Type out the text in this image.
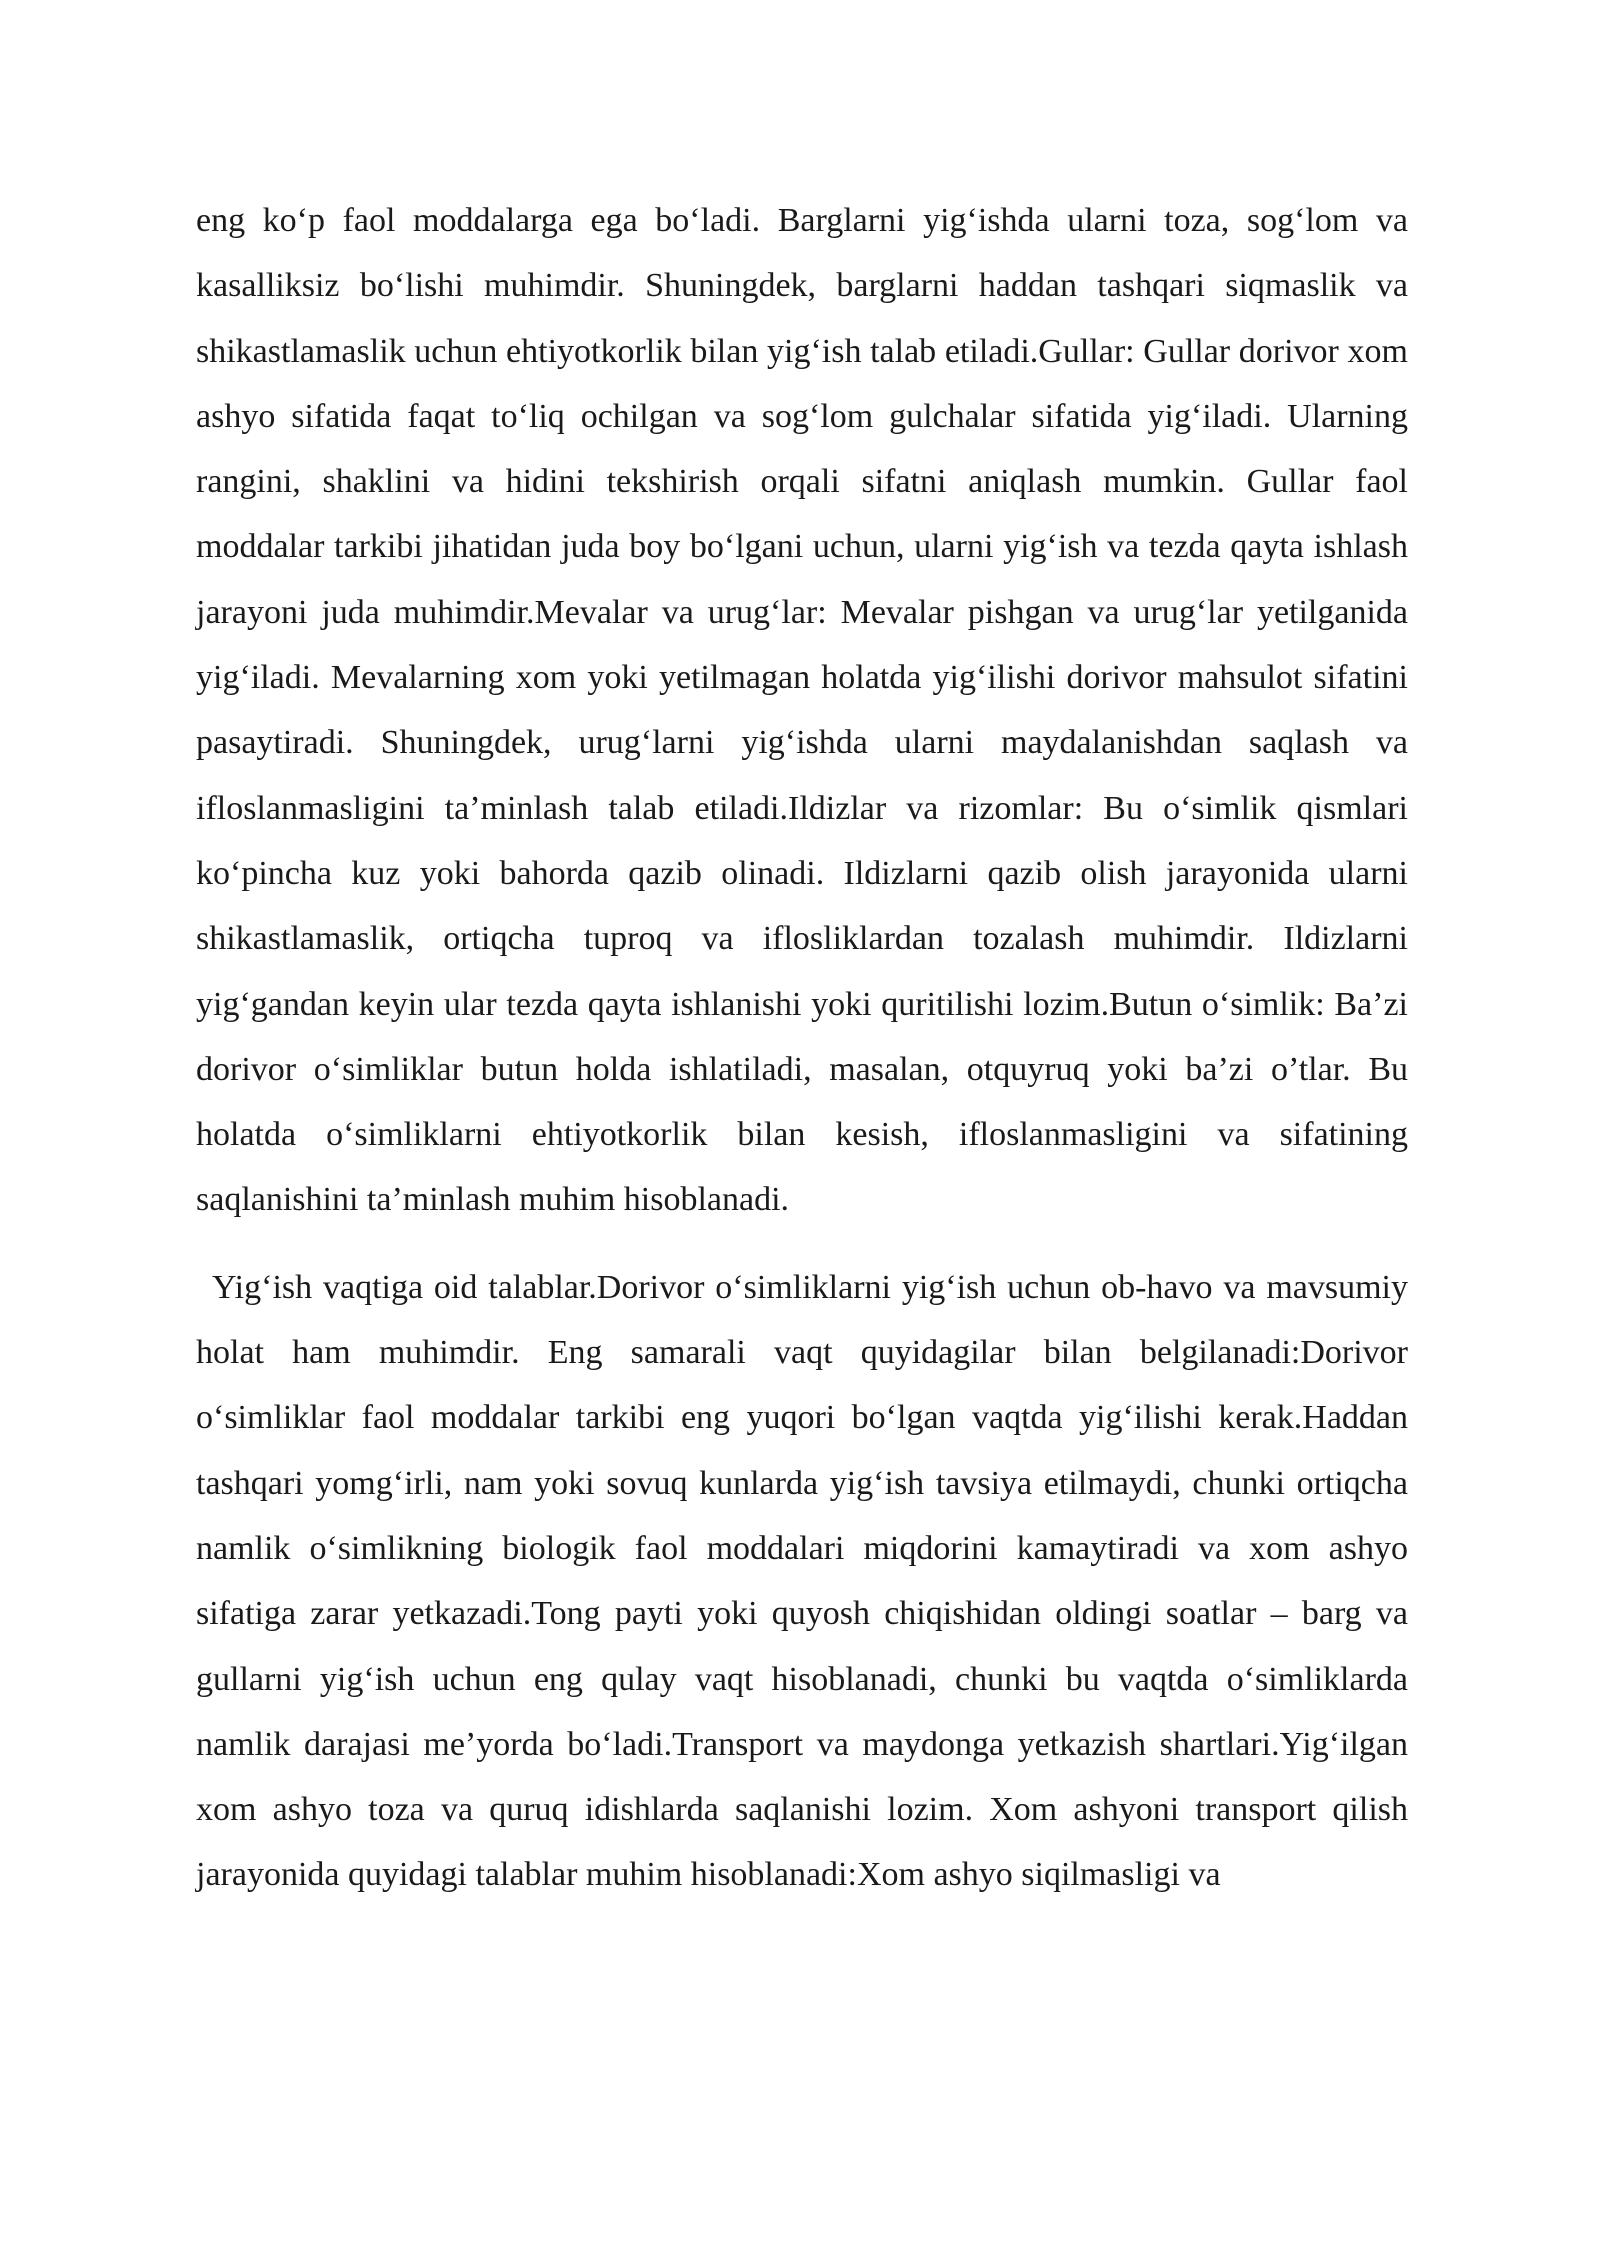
eng ko‘p faol moddalarga ega bo‘ladi. Barglarni yig‘ishda ularni toza, sog‘lom va kasalliksiz bo‘lishi muhimdir. Shuningdek, barglarni haddan tashqari siqmaslik va shikastlamaslik uchun ehtiyotkorlik bilan yig‘ish talab etiladi.Gullar: Gullar dorivor xom ashyo sifatida faqat to‘liq ochilgan va sog‘lom gulchalar sifatida yig‘iladi. Ularning rangini, shaklini va hidini tekshirish orqali sifatni aniqlash mumkin. Gullar faol moddalar tarkibi jihatidan juda boy bo‘lgani uchun, ularni yig‘ish va tezda qayta ishlash jarayoni juda muhimdir.Mevalar va urug‘lar: Mevalar pishgan va urug‘lar yetilganida yig‘iladi. Mevalarning xom yoki yetilmagan holatda yig‘ilishi dorivor mahsulot sifatini pasaytiradi. Shuningdek, urug‘larni yig‘ishda ularni maydalanishdan saqlash va ifloslanmasligini ta’minlash talab etiladi.Ildizlar va rizomlar: Bu o‘simlik qismlari ko‘pincha kuz yoki bahorda qazib olinadi. Ildizlarni qazib olish jarayonida ularni shikastlamaslik, ortiqcha tuproq va iflosliklardan tozalash muhimdir. Ildizlarni yig‘gandan keyin ular tezda qayta ishlanishi yoki quritilishi lozim.Butun o‘simlik: Ba’zi dorivor o‘simliklar butun holda ishlatiladi, masalan, otquyruq yoki ba’zi o’tlar. Bu holatda o‘simliklarni ehtiyotkorlik bilan kesish, ifloslanmasligini va sifatining saqlanishini ta’minlash muhim hisoblanadi.

Yig‘ish vaqtiga oid talablar.Dorivor o‘simliklarni yig‘ish uchun ob-havo va mavsumiy holat ham muhimdir. Eng samarali vaqt quyidagilar bilan belgilanadi:Dorivor o‘simliklar faol moddalar tarkibi eng yuqori bo‘lgan vaqtda yig‘ilishi kerak.Haddan tashqari yomg‘irli, nam yoki sovuq kunlarda yig‘ish tavsiya etilmaydi, chunki ortiqcha namlik o‘simlikning biologik faol moddalari miqdorini kamaytiradi va xom ashyo sifatiga zarar yetkazadi.Tong payti yoki quyosh chiqishidan oldingi soatlar – barg va gullarni yig‘ish uchun eng qulay vaqt hisoblanadi, chunki bu vaqtda o‘simliklarda namlik darajasi me’yorda bo‘ladi.Transport va maydonga yetkazish shartlari.Yig‘ilgan xom ashyo toza va quruq idishlarda saqlanishi lozim. Xom ashyoni transport qilish jarayonida quyidagi talablar muhim hisoblanadi:Xom ashyo siqilmasligi va
